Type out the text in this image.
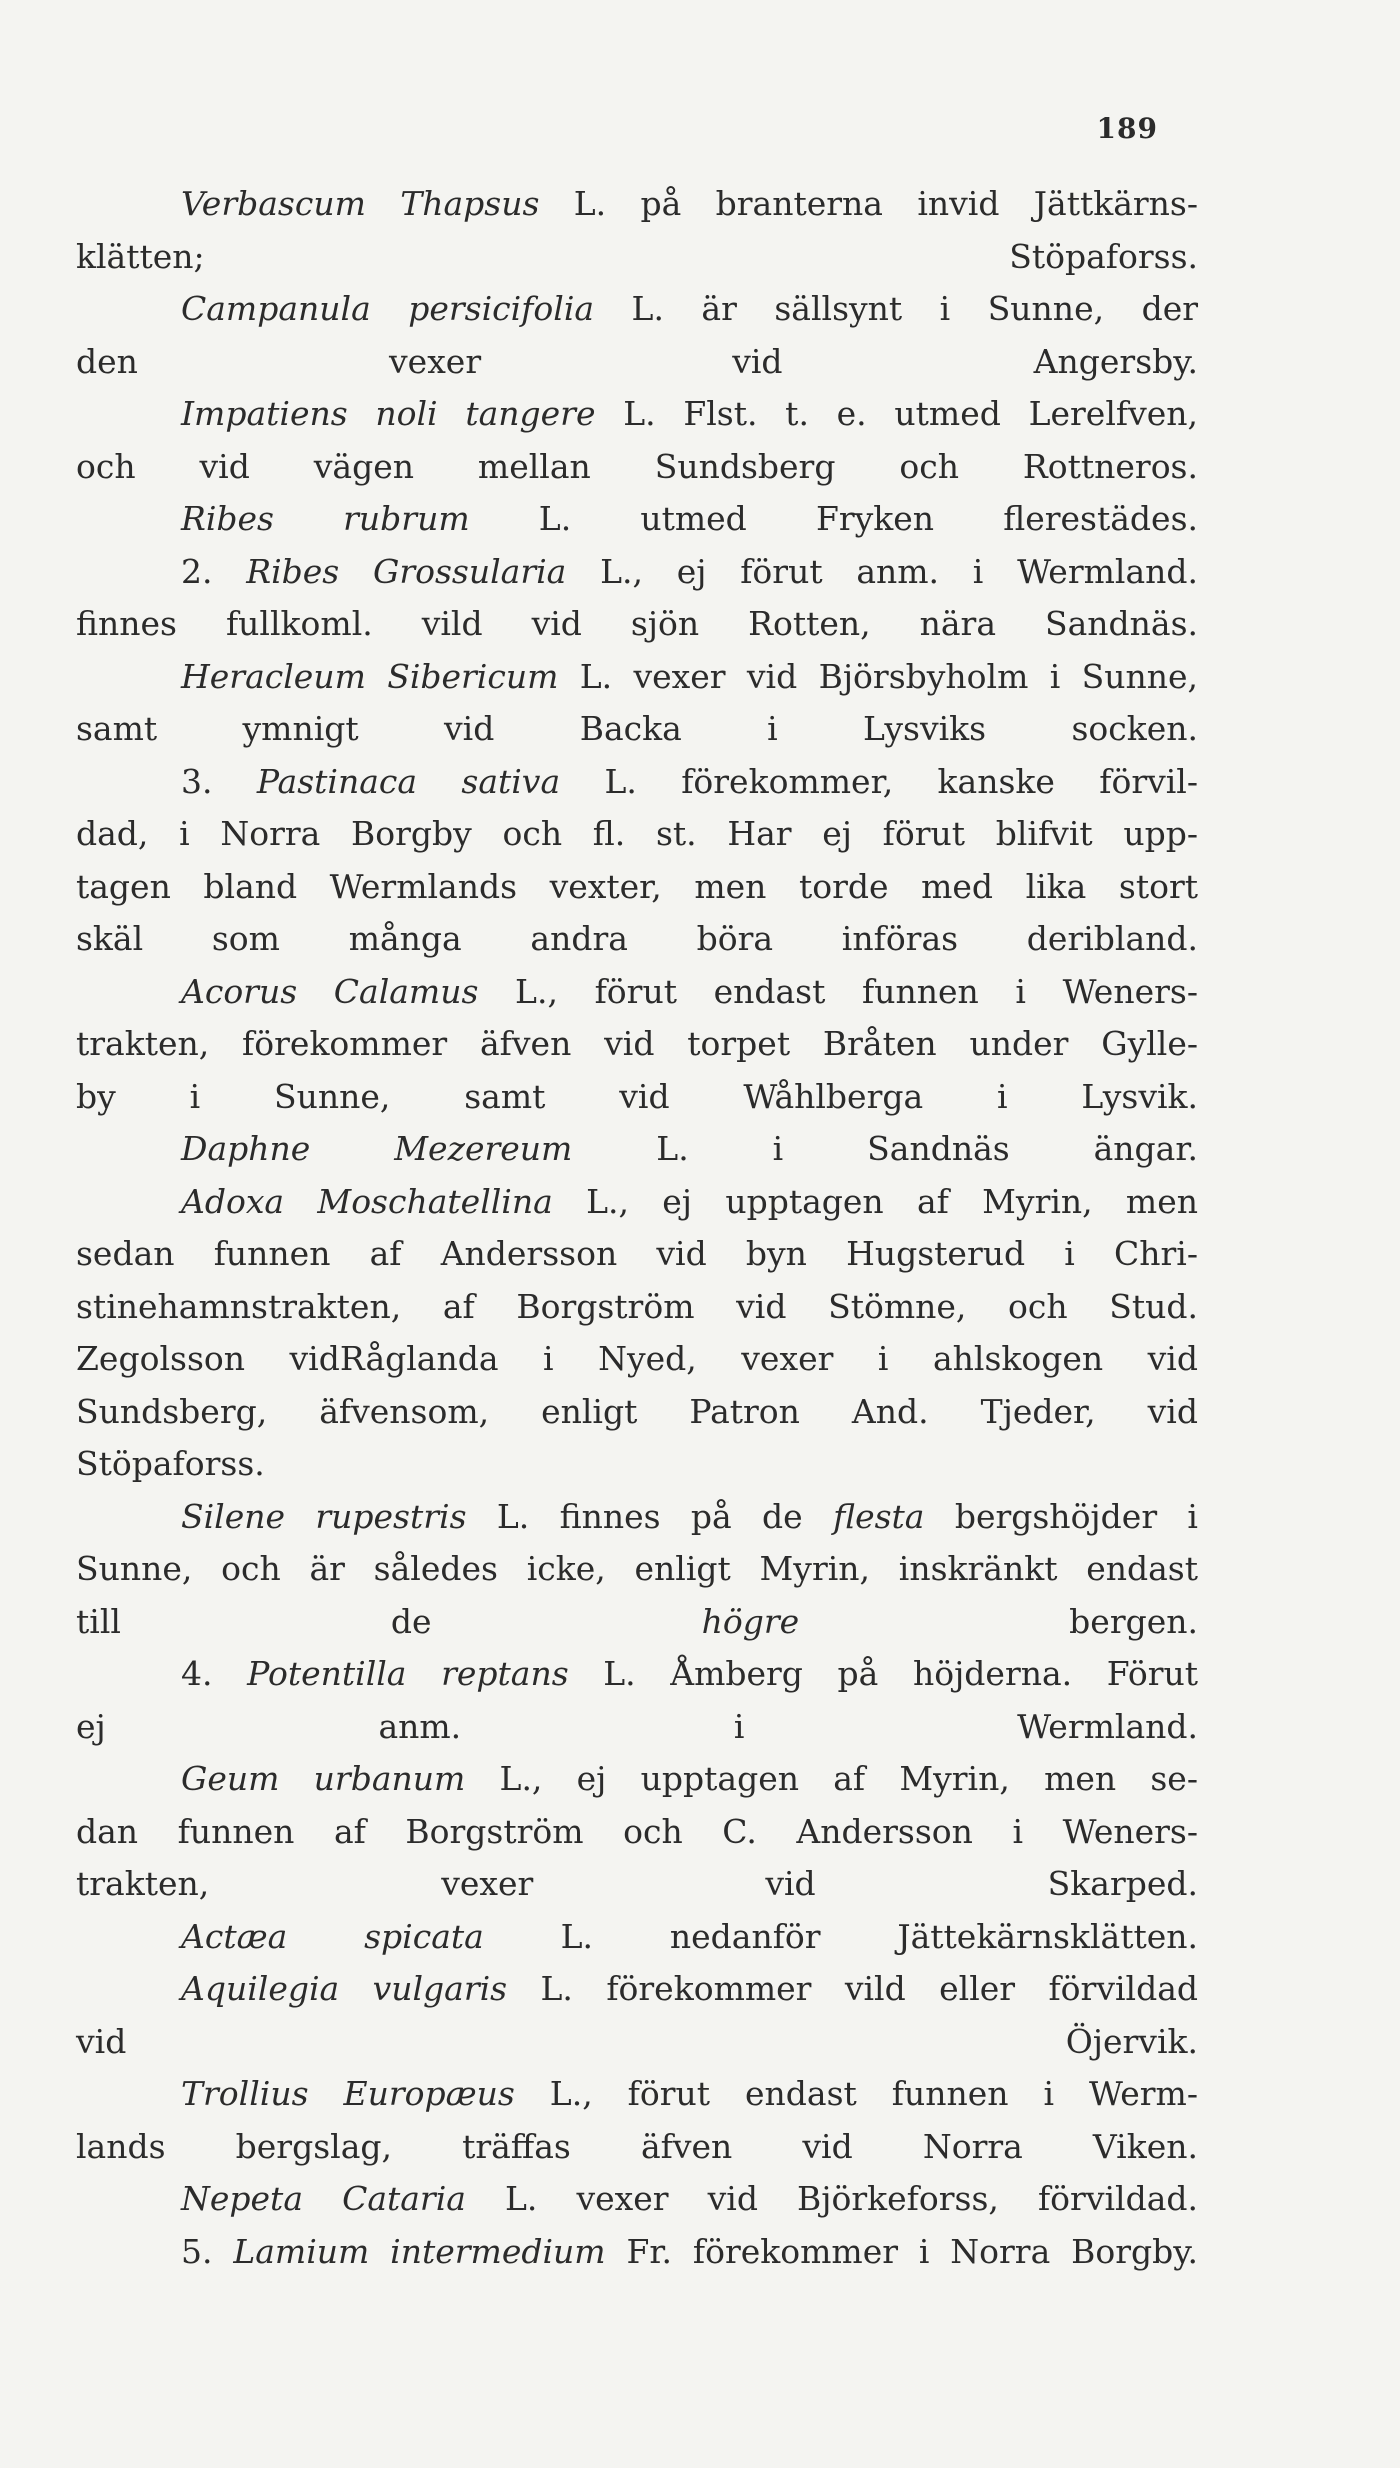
189
Verbascum Thapsus L. på branterna invid Jättkärns-
klätten; Stöpaforss.
Campanula persicifolia L. är sällsynt i Sunne, der
den vexer vid Angersby.
Impatiens noli tangere L. Flst. t. e. utmed Lerelfven,
och vid vägen mellan Sundsberg och Rottneros.
Ribes rubrum L. utmed Fryken flerestädes.
2. Ribes Grossularia L., ej förut anm. i Wermland.
finnes fullkoml. vild vid sjön Rotten, nära Sandnäs.
Heracleum Sibericum L. vexer vid Björsbyholm i Sunne,
samt ymnigt vid Backa i Lysviks socken.
3. Pastinaca sativa L. förekommer, kanske förvil-
dad, i Norra Borgby och fl. st. Har ej förut blifvit upp-
tagen bland Wermlands vexter, men torde med lika stort
skäl som många andra böra införas deribland.
Acorus Calamus L., förut endast funnen i Weners-
trakten, förekommer äfven vid torpet Bråten under Gylle-
by i Sunne, samt vid Wåhlberga i Lysvik.
Daphne Mezereum L. i Sandnäs ängar.
Adoxa Moschatellina L., ej upptagen af Myrin, men
sedan funnen af Andersson vid byn Hugsterud i Chri-
stinehamnstrakten, af Borgström vid Stömne, och Stud.
Zegolsson vidRåglanda i Nyed, vexer i ahlskogen vid
Sundsberg, äfvensom, enligt Patron And. Tjeder, vid
Stöpaforss.
Silene rupestris L. finnes på de flesta bergshöjder i
Sunne, och är således icke, enligt Myrin, inskränkt endast
till de högre bergen.
4. Potentilla reptans L. Åmberg på höjderna. Förut
ej anm. i Wermland.
Geum urbanum L., ej upptagen af Myrin, men se-
dan funnen af Borgström och C. Andersson i Weners-
trakten, vexer vid Skarped.
Actæa spicata L. nedanför Jättekärnsklätten.
Aquilegia vulgaris L. förekommer vild eller förvildad
vid Öjervik.
Trollius Europæus L., förut endast funnen i Werm-
lands bergslag, träffas äfven vid Norra Viken.
Nepeta Cataria L. vexer vid Björkeforss, förvildad.
5. Lamium intermedium Fr. förekommer i Norra Borgby.
